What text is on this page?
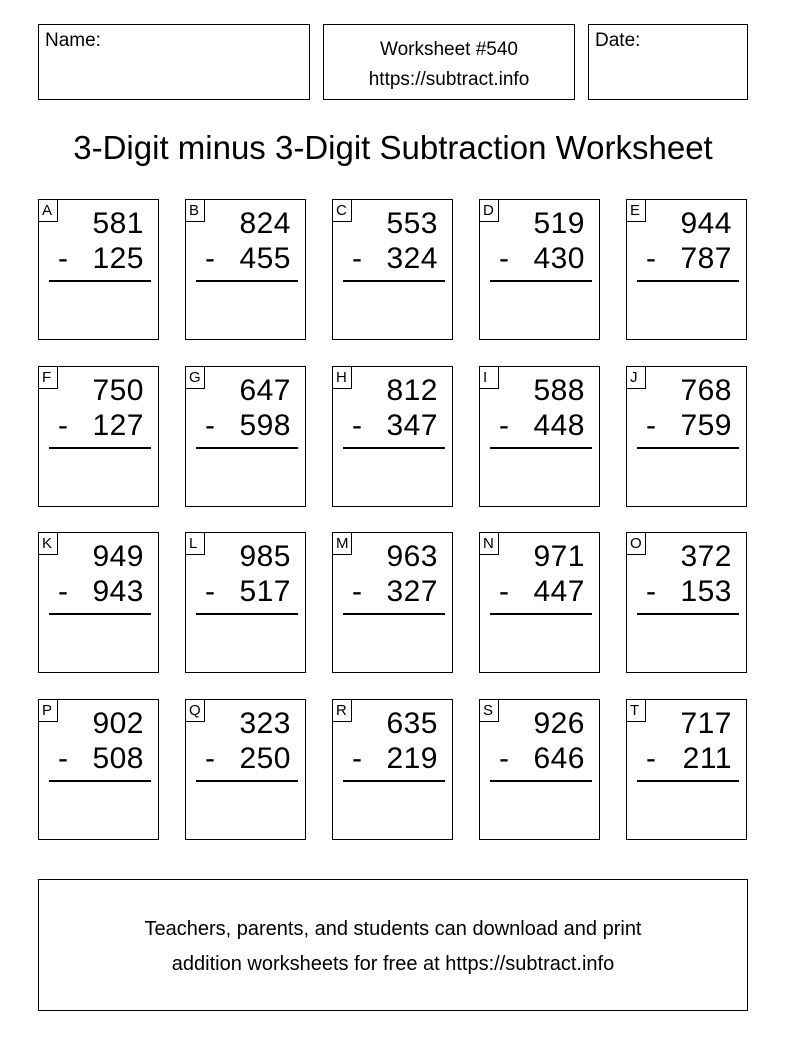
Name:	Worksheet #540
https://subtract.info
Date:
3-Digit minus 3-Digit Subtraction Worksheet
A 581
- 125
B 824
- 455
C 553
- 324
D 519
- 430
E 944
- 787
F 750
- 127
G 647
- 598
H 812
- 347
I	588
- 448
J 768
- 759
K 949
- 943
L 985
- 517
M 963
- 327
N 971
- 447
O 372
- 153
P 902
- 508
Q 323
- 250
R 635
- 219
S 926
- 646
T 717
- 211
Teachers, parents, and students can download and print
addition worksheets for free at https://subtract.info
